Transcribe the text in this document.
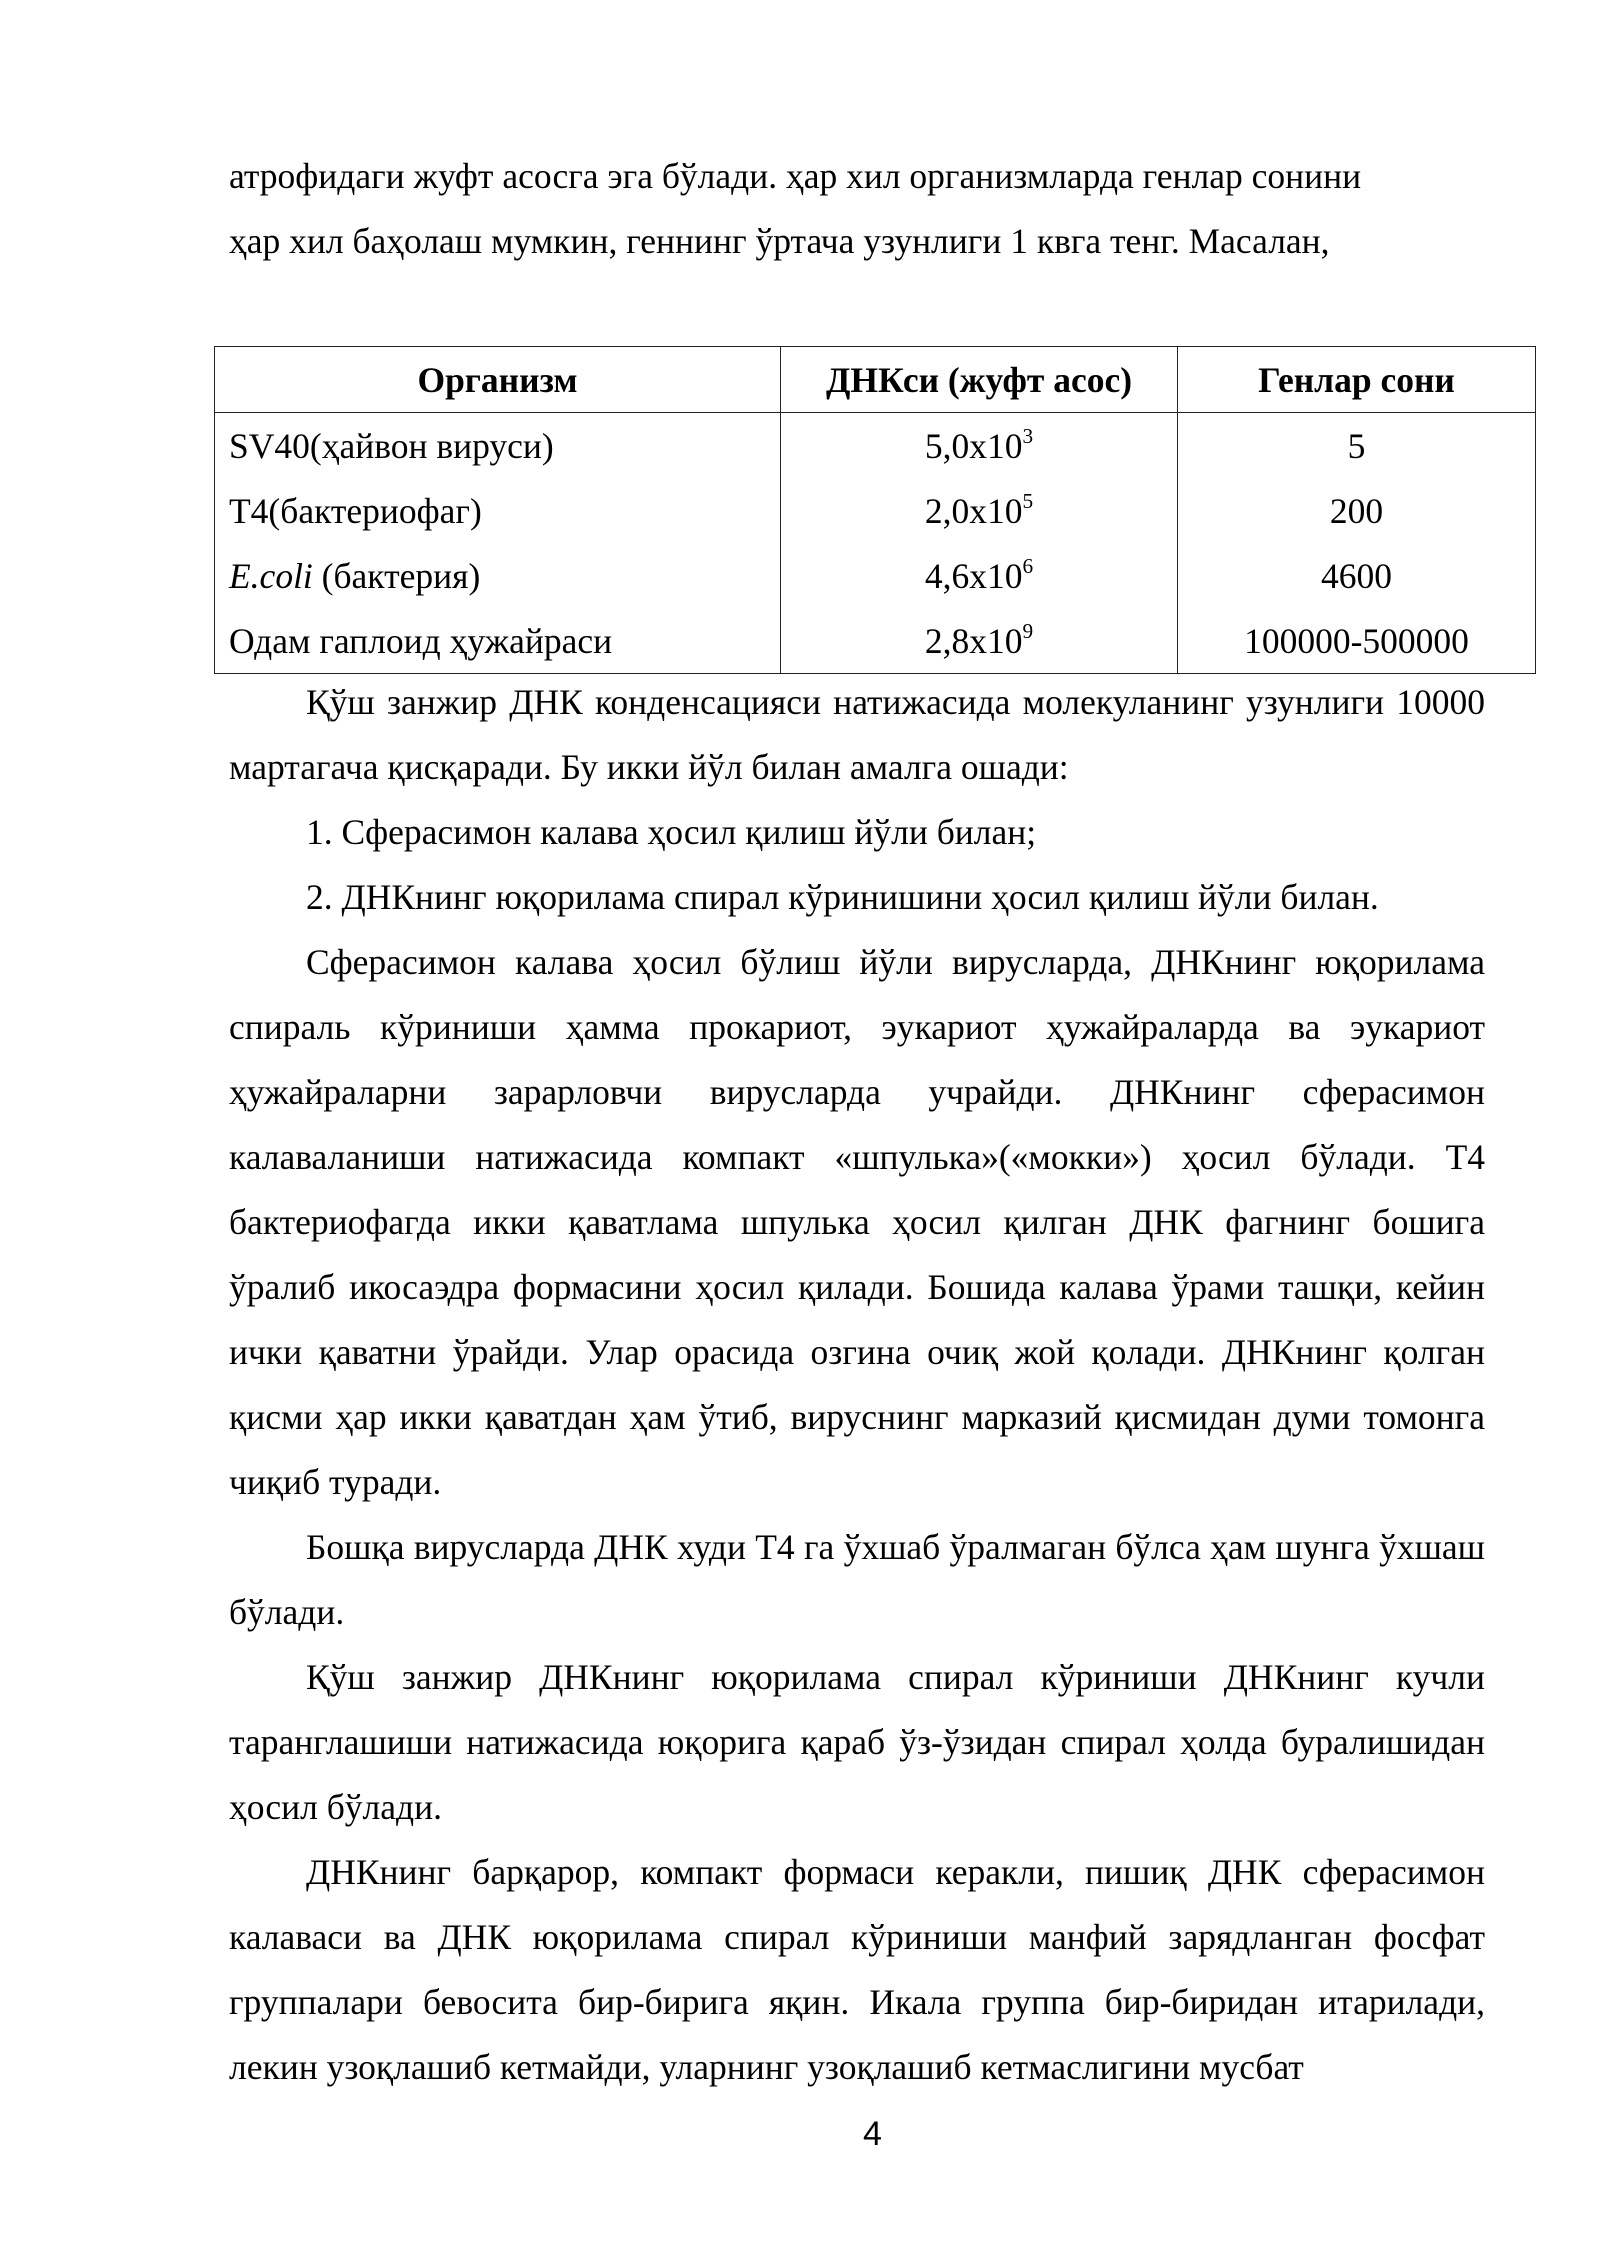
атрофидаги жуфт асосга эга бўлади. ҳар хил организмларда генлар сонини

ҳар хил баҳолаш мумкин, геннинг ўртача узунлиги 1 квга тенг. Масалан,

Организм	ДНКси (жуфт асос)	Генлар сони
SV40(ҳайвон вируси)	$5,0x10^3$	5
T4(бактериофаг)	$2,0x10^5$	200
E.coli (бактерия)	$4,6x10^6$	4600
Одам гаплоид ҳужайраси	$2,8x10^9$	100000-500000

Қўш занжир ДНК конденсацияси натижасида молекуланинг узунлиги 10000 мартагача қисқаради. Бу икки йўл билан амалга ошади:

1. Сферасимон калава ҳосил қилиш йўли билан;

2. ДНКнинг юқорилама спирал кўринишини ҳосил қилиш йўли билан.

Сферасимон калава ҳосил бўлиш йўли вирусларда, ДНКнинг юқорилама спираль кўриниши ҳамма прокариот, эукариот ҳужайраларда ва эукариот ҳужайраларни зарарловчи вирусларда учрайди. ДНКнинг сферасимон калаваланиши натижасида компакт «шпулька»(«мокки») ҳосил бўлади. T4 бактериофагда икки қаватлама шпулька ҳосил қилган ДНК фагнинг бошига ўралиб икосаэдра формасини ҳосил қилади. Бошида калава ўрами ташқи, кейин ички қаватни ўрайди. Улар орасида озгина очиқ жой қолади. ДНКнинг қолган қисми ҳар икки қаватдан ҳам ўтиб, вируснинг марказий қисмидан думи томонга чиқиб туради.

Бошқа вирусларда ДНК худи T4 га ўхшаб ўралмаган бўлса ҳам шунга ўхшаш бўлади.

Қўш занжир ДНКнинг юқорилама спирал кўриниши ДНКнинг кучли таранглашиши натижасида юқорига қараб ўз-ўзидан спирал ҳолда буралишидан ҳосил бўлади.

ДНКнинг барқарор, компакт формаси керакли, пишиқ ДНК сферасимон калаваси ва ДНК юқорилама спирал кўриниши манфий зарядланган фосфат группалари бевосита бир-бирига яқин. Икала группа бир-биридан итарилади, лекин узоқлашиб кетмайди, уларнинг узоқлашиб кетмаслигини мусбат

4
